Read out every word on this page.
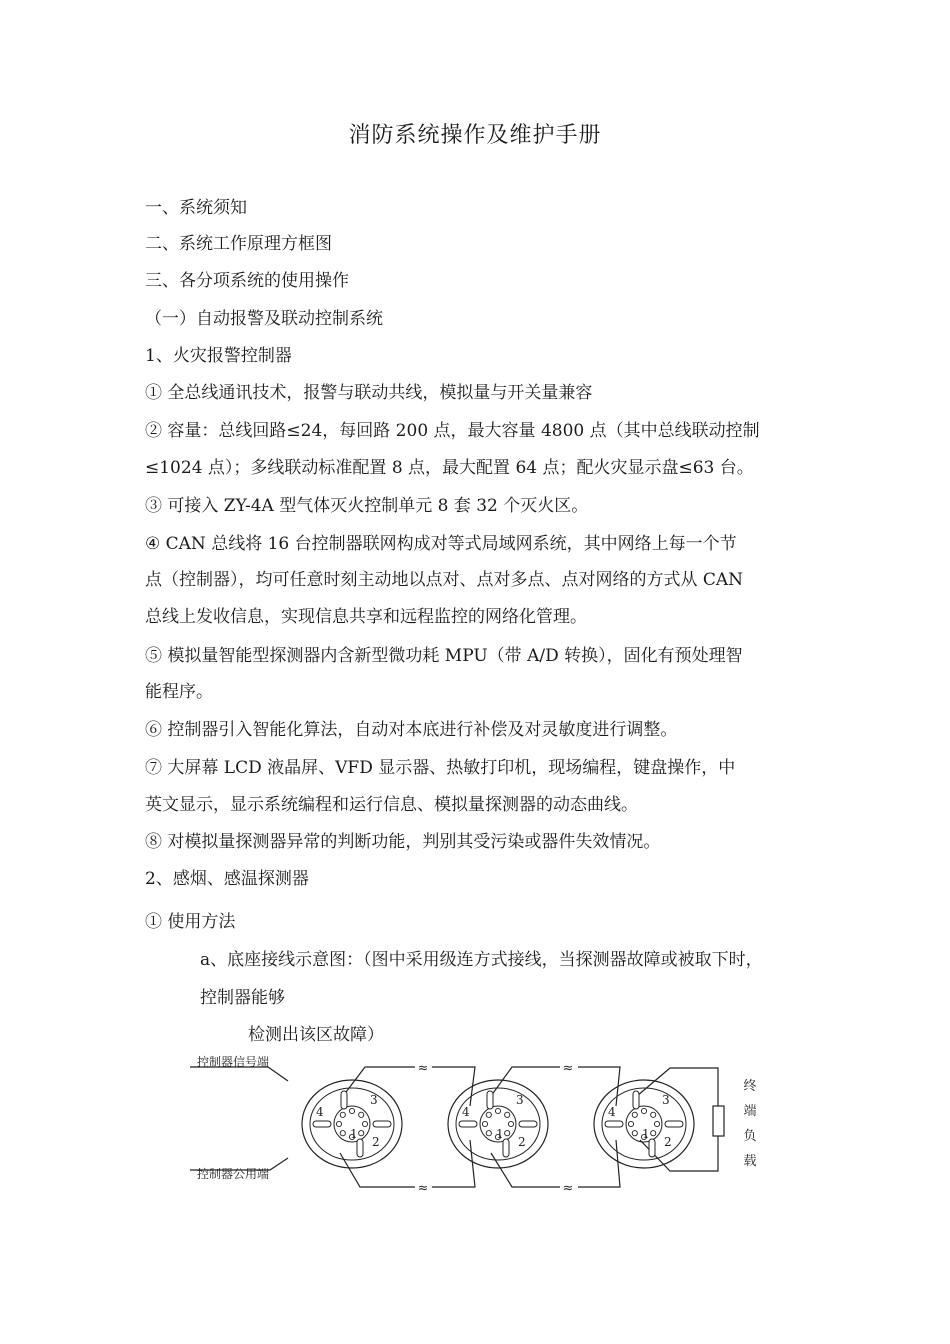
消防系统操作及维护手册
一、系统须知
二、系统工作原理方框图
三、各分项系统的使用操作
（一）自动报警及联动控制系统
1、火灾报警控制器
① 全总线通讯技术，报警与联动共线，模拟量与开关量兼容
② 容量：总线回路≤24，每回路 200 点，最大容量 4800 点（其中总线联动控制
≤1024 点）；多线联动标准配置 8 点，最大配置 64 点；配火灾显示盘≤63 台。
③ 可接入 ZY-4A 型气体灭火控制单元 8 套 32 个灭火区。
④ CAN 总线将 16 台控制器联网构成对等式局域网系统，其中网络上每一个节
点（控制器），均可任意时刻主动地以点对、点对多点、点对网络的方式从 CAN
总线上发收信息，实现信息共享和远程监控的网络化管理。
⑤ 模拟量智能型探测器内含新型微功耗 MPU（带 A/D 转换），固化有预处理智
能程序。
⑥ 控制器引入智能化算法，自动对本底进行补偿及对灵敏度进行调整。
⑦ 大屏幕 LCD 液晶屏、VFD 显示器、热敏打印机，现场编程，键盘操作，中
英文显示，显示系统编程和运行信息、模拟量探测器的动态曲线。
⑧ 对模拟量探测器异常的判断功能，判别其受污染或器件失效情况。
2、感烟、感温探测器
① 使用方法
a、底座接线示意图：（图中采用级连方式接线，当探测器故障或被取下时，
控制器能够
检测出该区故障）
4
1
3
2
4
1
3
2
4
1
3
2
控制器信号端
控制器公用端
≈	≈
≈	≈
终
端
负
载
